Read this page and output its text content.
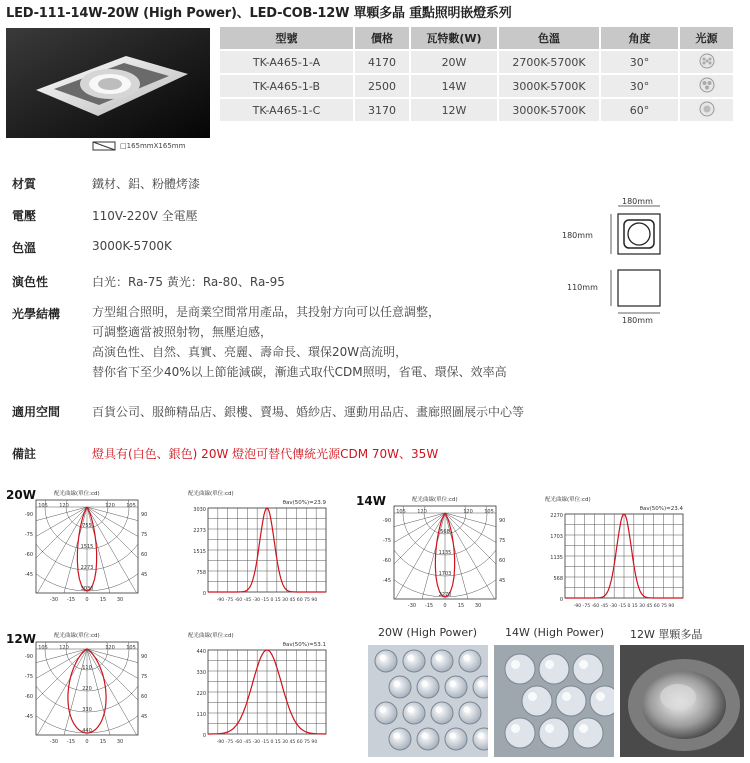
LED-111-14W-20W (High Power)、LED-COB-12W 單顆多晶 重點照明嵌燈系列
□165mmX165mm
型號	價格	瓦特數(W)	色溫	角度	光源
TK-A465-1-A	4170	20W	2700K-5700K	30°	
TK-A465-1-B	2500	14W	3000K-5700K	30°	
TK-A465-1-C	3170	12W	3000K-5700K	60°	
材質	鐵材、鋁、粉體烤漆
電壓	110V-220V 全電壓
色溫	3000K-5700K
演色性	白光：Ra-75 黃光：Ra-80、Ra-95
光學結構	方型組合照明，是商業空間常用產品，其投射方向可以任意調整，
可調整適當被照射物，無壓迫感，
高演色性、自然、真實、亮麗、壽命長、環保20W高流明，
替你省下至少40%以上節能減碳，漸進式取代CDM照明，省電、環保、效率高
適用空間	百貨公司、服飾精品店、銀樓、賣場、婚紗店、運動用品店、畫廊照圖展示中心等
備註	燈具有(白色、銀色) 20W 燈泡可替代傳統光源CDM 70W、35W
180mm
180mm
110mm
180mm
20W	14W
12W
配光曲線(單位:cd)
105 120	120 105
-90	90
-75	75
-60	60
-45	45
-30 -15 0 15 30
755
1515
2273
3030
配光曲線(單位:cd)
θav(50%)=23.9
3030
2273
1515
758
0
-90 -75 -60 -45 -30 -15 0 15 30 45 60 75 90
配光曲線(單位:cd)
105 120	120 105
-90	90
-75	75
-60	60
-45	45
-30 -15 0 15 30
568
1135
1703
2270
配光曲線(單位:cd)
θav(50%)=23.4
2270
1703
1135
568
0
-90 -75 -60 -45 -30 -15 0 15 30 45 60 75 90
配光曲線(單位:cd)
105 120	120 105
-90	90
-75	75
-60	60
-45	45
-30 -15 0 15 30
110
220
330
440
配光曲線(單位:cd)
θav(50%)=53.1
440
330
220
110
0
-90 -75 -60 -45 -30 -15 0 15 30 45 60 75 90
20W (High Power)	14W (High Power) 12W 單顆多晶
